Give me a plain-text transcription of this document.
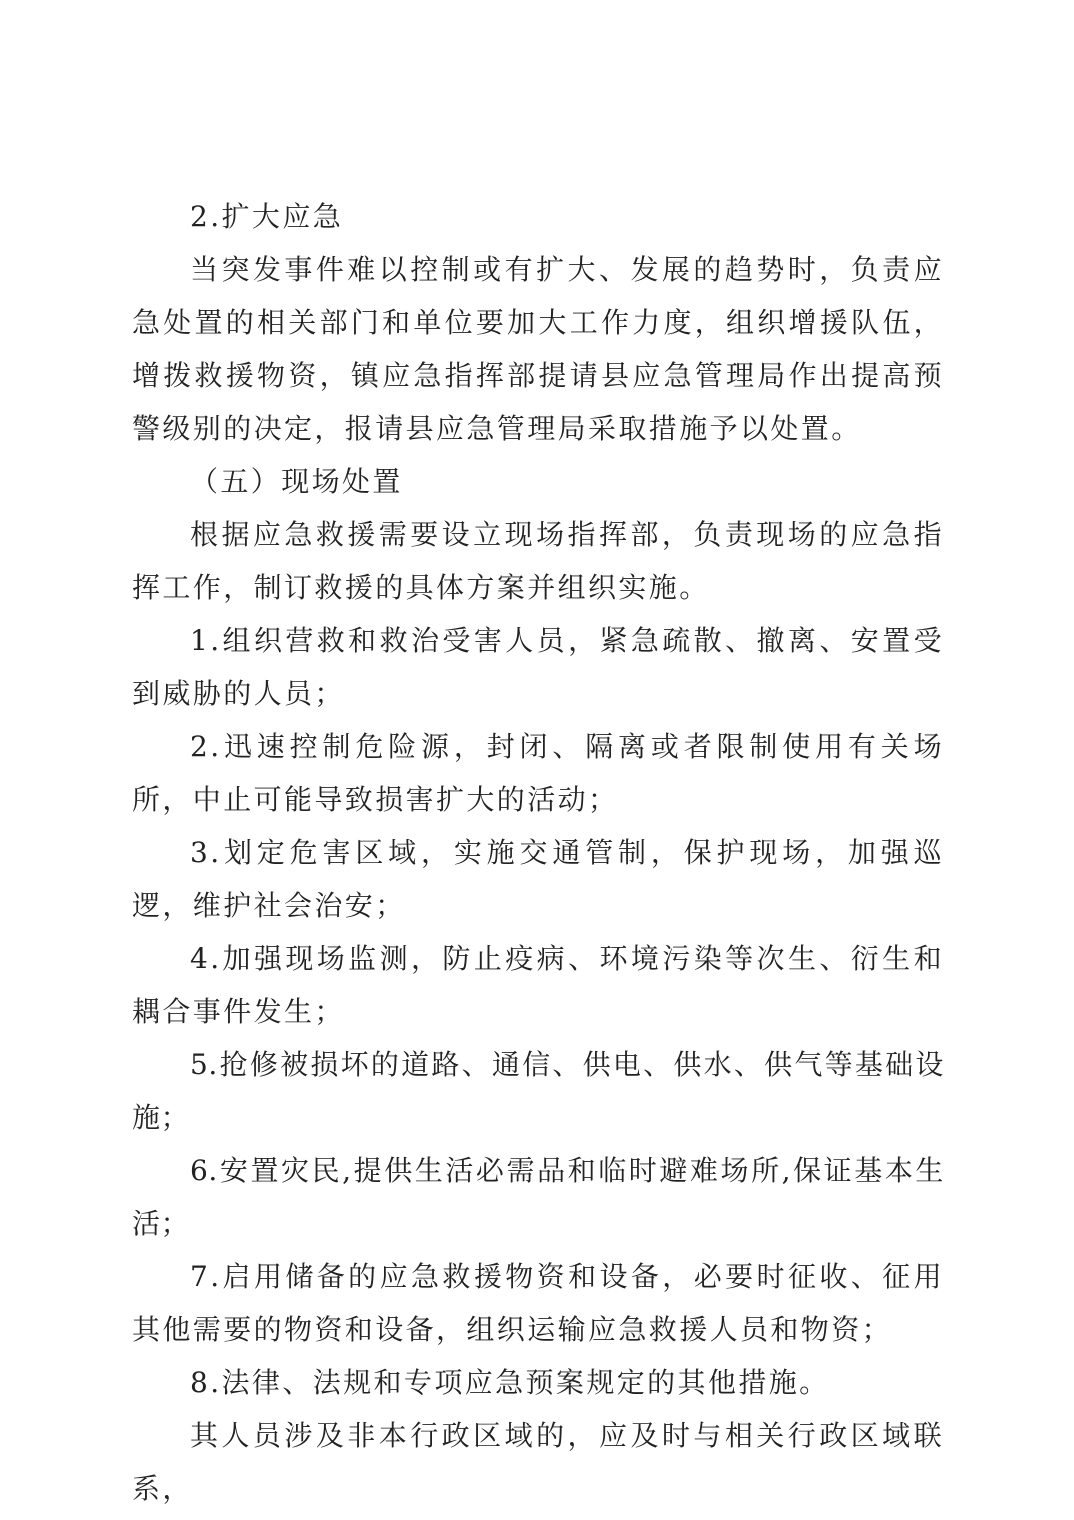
2.扩大应急

当突发事件难以控制或有扩大、发展的趋势时，负责应急处置的相关部门和单位要加大工作力度，组织增援队伍，增拨救援物资，镇应急指挥部提请县应急管理局作出提高预警级别的决定，报请县应急管理局采取措施予以处置。

（五）现场处置

根据应急救援需要设立现场指挥部，负责现场的应急指挥工作，制订救援的具体方案并组织实施。

1.组织营救和救治受害人员，紧急疏散、撤离、安置受到威胁的人员；

2.迅速控制危险源，封闭、隔离或者限制使用有关场所，中止可能导致损害扩大的活动；

3.划定危害区域，实施交通管制，保护现场，加强巡逻，维护社会治安；

4.加强现场监测，防止疫病、环境污染等次生、衍生和耦合事件发生；

5.抢修被损坏的道路、通信、供电、供水、供气等基础设施；

6.安置灾民,提供生活必需品和临时避难场所,保证基本生活；

7.启用储备的应急救援物资和设备，必要时征收、征用其他需要的物资和设备，组织运输应急救援人员和物资；

8.法律、法规和专项应急预案规定的其他措施。

其人员涉及非本行政区域的，应及时与相关行政区域联系，
